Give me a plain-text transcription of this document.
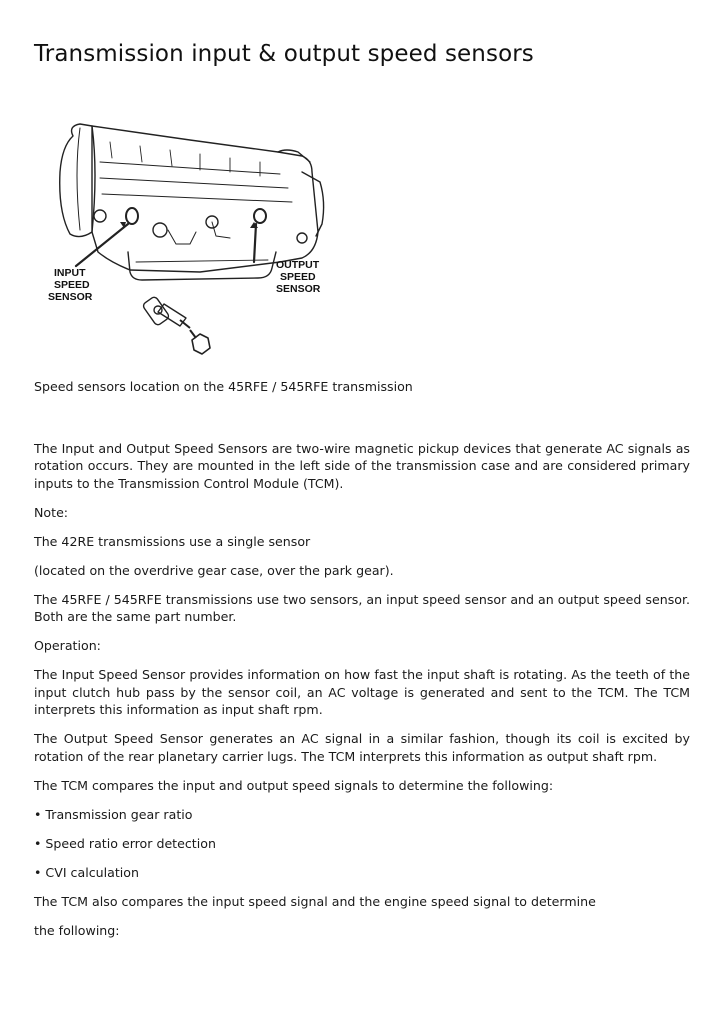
Transmission input & output speed sensors
INPUT
SPEED
SENSOR
OUTPUT
SPEED
SENSOR

Speed sensors location on the 45RFE / 545RFE transmission

The Input and Output Speed Sensors are two-wire magnetic pickup devices that generate AC signals as rotation occurs. They are mounted in the left side of the transmission case and are considered primary inputs to the Transmission Control Module (TCM).

Note:

The 42RE transmissions use a single sensor

(located on the overdrive gear case, over the park gear).

The 45RFE / 545RFE transmissions use two sensors, an input speed sensor and an output speed sensor. Both are the same part number.

Operation:

The Input Speed Sensor provides information on how fast the input shaft is rotating. As the teeth of the input clutch hub pass by the sensor coil, an AC voltage is generated and sent to the TCM. The TCM interprets this information as input shaft rpm.

The Output Speed Sensor generates an AC signal in a similar fashion, though its coil is excited by rotation of the rear planetary carrier lugs. The TCM interprets this information as output shaft rpm.

The TCM compares the input and output speed signals to determine the following:

• Transmission gear ratio

• Speed ratio error detection

• CVI calculation

The TCM also compares the input speed signal and the engine speed signal to determine

the following:
